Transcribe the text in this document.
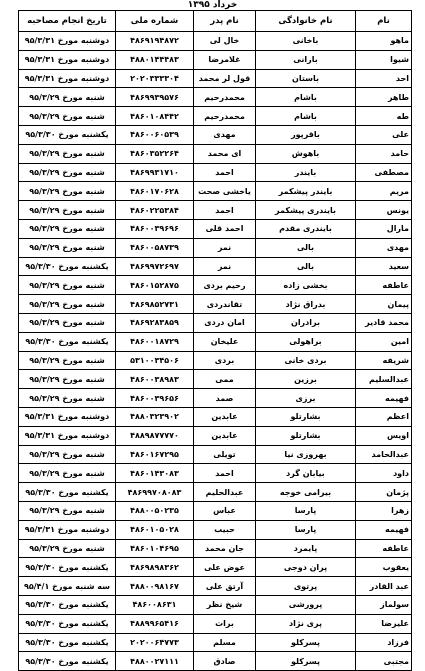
خرداد ۱۳۹۵
نام	نام خانوادگی	نام پدر	شماره ملی	تاریخ انجام مصاحبه
ماهو	باخانی	خال لی	۴۸۶۹۱۹۴۸۷۲	دوشنبه مورخ ۹۵/۳/۳۱
شیوا	بارانی	غلامرضا	۴۸۸۰۱۴۴۴۸۳	دوشنبه مورخ ۹۵/۳/۳۱
احد	باستان	قول لر محمد	۲۰۲۰۳۳۳۳۰۴	دوشنبه مورخ ۹۵/۳/۳۱
طاهر	باشام	محمدرحیم	۴۸۶۹۹۳۹۵۷۶	شنبه مورخ ۹۵/۳/۲۹
طه	باشام	محمدرحیم	۴۸۶۰۱۰۸۴۴۲	شنبه مورخ ۹۵/۳/۲۹
علی	باقرپور	مهدی	۴۸۶۰۰۶۰۵۳۹	یکشنبه مورخ ۹۵/۳/۳۰
حامد	باهوش	ای محمد	۴۸۶۰۳۵۲۲۶۴	شنبه مورخ ۹۵/۳/۲۹
مصطفی	بایندر	احمد	۴۸۶۹۹۳۱۷۱۰	شنبه مورخ ۹۵/۳/۲۹
مریم	بایندر پیشکمر	یاخشی صحت	۴۸۶۰۱۷۰۶۲۸	شنبه مورخ ۹۵/۳/۲۹
یونس	بایندری پیشکمر	احمد	۴۸۶۰۲۲۵۳۸۴	شنبه مورخ ۹۵/۳/۲۹
مارال	بایندری مقدم	احمد قلی	۴۸۶۰۰۳۹۶۹۶	شنبه مورخ ۹۵/۳/۲۹
مهدی	بالی	نمر	۴۸۶۰۰۵۸۷۳۹	شنبه مورخ ۹۵/۳/۲۹
سعید	بالی	نمر	۴۸۶۹۹۷۲۶۹۷	یکشنبه مورخ ۹۵/۳/۳۰
عاطفه	بخشی زاده	رحیم بردی	۴۸۶۰۱۵۲۸۷۵	شنبه مورخ ۹۵/۳/۲۹
پیمان	بدراق نژاد	تقاندردی	۴۸۶۹۸۵۲۷۳۱	شنبه مورخ ۹۵/۳/۲۹
محمد قادیر	برادران	امان دردی	۴۸۶۹۲۸۳۸۵۹	شنبه مورخ ۹۵/۳/۲۹
امین	براهولی	علیخان	۴۸۶۰۰۱۸۷۲۹	یکشنبه مورخ ۹۵/۳/۳۰
شریفه	بردی خانی	بردی	۵۳۱۰۰۳۴۵۰۶	شنبه مورخ ۹۵/۳/۲۹
عبدالسلیم	برزین	ممی	۴۸۶۰۰۳۸۹۸۳	شنبه مورخ ۹۵/۳/۲۹
فهیمه	برزی	صمد	۴۸۶۰۰۳۹۶۵۶	شنبه مورخ ۹۵/۳/۲۹
اعظم	بشارتلو	عابدین	۴۸۸۰۳۲۳۹۰۲	دوشنبه مورخ ۹۵/۳/۳۱
اویس	بشارتلو	عابدین	۴۸۸۹۸۷۷۷۷۰	دوشنبه مورخ ۹۵/۳/۳۱
عبدالحامد	بهروزی نیا	تویلی	۴۸۶۰۱۶۷۲۹۵	شنبه مورخ ۹۵/۳/۲۹
داود	بیابان گرد	احمد	۴۸۶۰۱۴۳۰۸۳	شنبه مورخ ۹۵/۳/۲۹
پژمان	بیرامی خوجه	عبدالحلیم	۴۸۶۹۹۷۰۸۰۸۳	یکشنبه مورخ ۹۵/۳/۳۰
زهرا	پارسا	عباس	۴۸۸۰۰۵۰۲۳۵	شنبه مورخ ۹۵/۳/۲۹
فهیمه	پارسا	حبیب	۴۸۶۰۱۰۵۰۲۸	دوشنبه مورخ ۹۵/۳/۳۱
عاطفه	پایمرد	جان محمد	۴۸۶۰۱۰۴۶۹۵	شنبه مورخ ۹۵/۳/۲۹
یعقوب	پران دوجی	عوض علی	۴۸۶۹۸۹۸۳۶۲	یکشنبه مورخ ۹۵/۳/۳۰
عبد القادر	پرتوی	آرتق علی	۴۸۸۰۰۹۸۱۶۷	سه شنبه مورخ ۹۵/۴/۱
سولماز	پرورشی	شیخ نظر	۴۸۶۰۰۸۶۳۱	یکشنبه مورخ ۹۵/۳/۳۰
علیرضا	پری نژاد	برات	۴۸۸۹۹۶۵۴۱۶	یکشنبه مورخ ۹۵/۳/۳۰
فرزاد	پسرکلو	مسلم	۲۰۲۰۰۶۴۷۷۳	یکشنبه مورخ ۹۵/۳/۳۰
مجتبی	پسرکلو	صادق	۴۸۸۰۰۲۷۱۱۱	یکشنبه مورخ ۹۵/۳/۳۰
